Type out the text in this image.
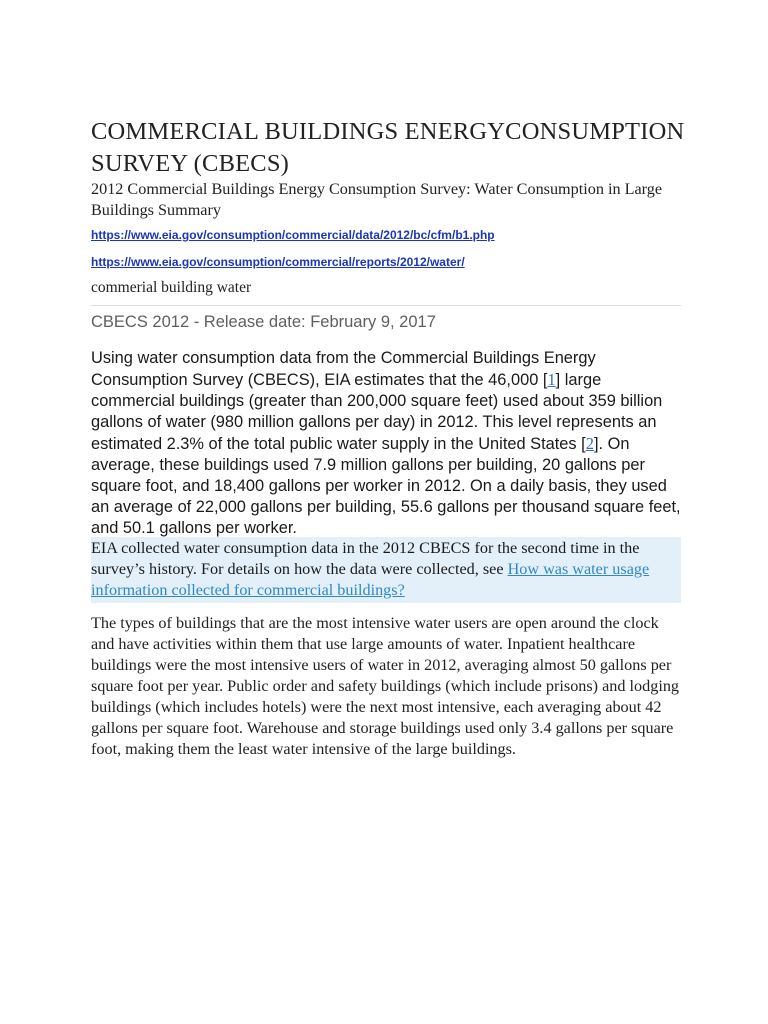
COMMERCIAL BUILDINGS ENERGYCONSUMPTION SURVEY (CBECS)

2012 Commercial Buildings Energy Consumption Survey: Water Consumption in Large Buildings Summary

https://www.eia.gov/consumption/commercial/data/2012/bc/cfm/b1.php
https://www.eia.gov/consumption/commercial/reports/2012/water/

commerial building water

CBECS 2012 - Release date: February 9, 2017

Using water consumption data from the Commercial Buildings Energy Consumption Survey (CBECS), EIA estimates that the 46,000 [1] large commercial buildings (greater than 200,000 square feet) used about 359 billion gallons of water (980 million gallons per day) in 2012. This level represents an estimated 2.3% of the total public water supply in the United States [2]. On average, these buildings used 7.9 million gallons per building, 20 gallons per square foot, and 18,400 gallons per worker in 2012. On a daily basis, they used an average of 22,000 gallons per building, 55.6 gallons per thousand square feet, and 50.1 gallons per worker.

EIA collected water consumption data in the 2012 CBECS for the second time in the survey’s history. For details on how the data were collected, see How was water usage information collected for commercial buildings?

The types of buildings that are the most intensive water users are open around the clock and have activities within them that use large amounts of water. Inpatient healthcare buildings were the most intensive users of water in 2012, averaging almost 50 gallons per square foot per year. Public order and safety buildings (which include prisons) and lodging buildings (which includes hotels) were the next most intensive, each averaging about 42 gallons per square foot. Warehouse and storage buildings used only 3.4 gallons per square foot, making them the least water intensive of the large buildings.
